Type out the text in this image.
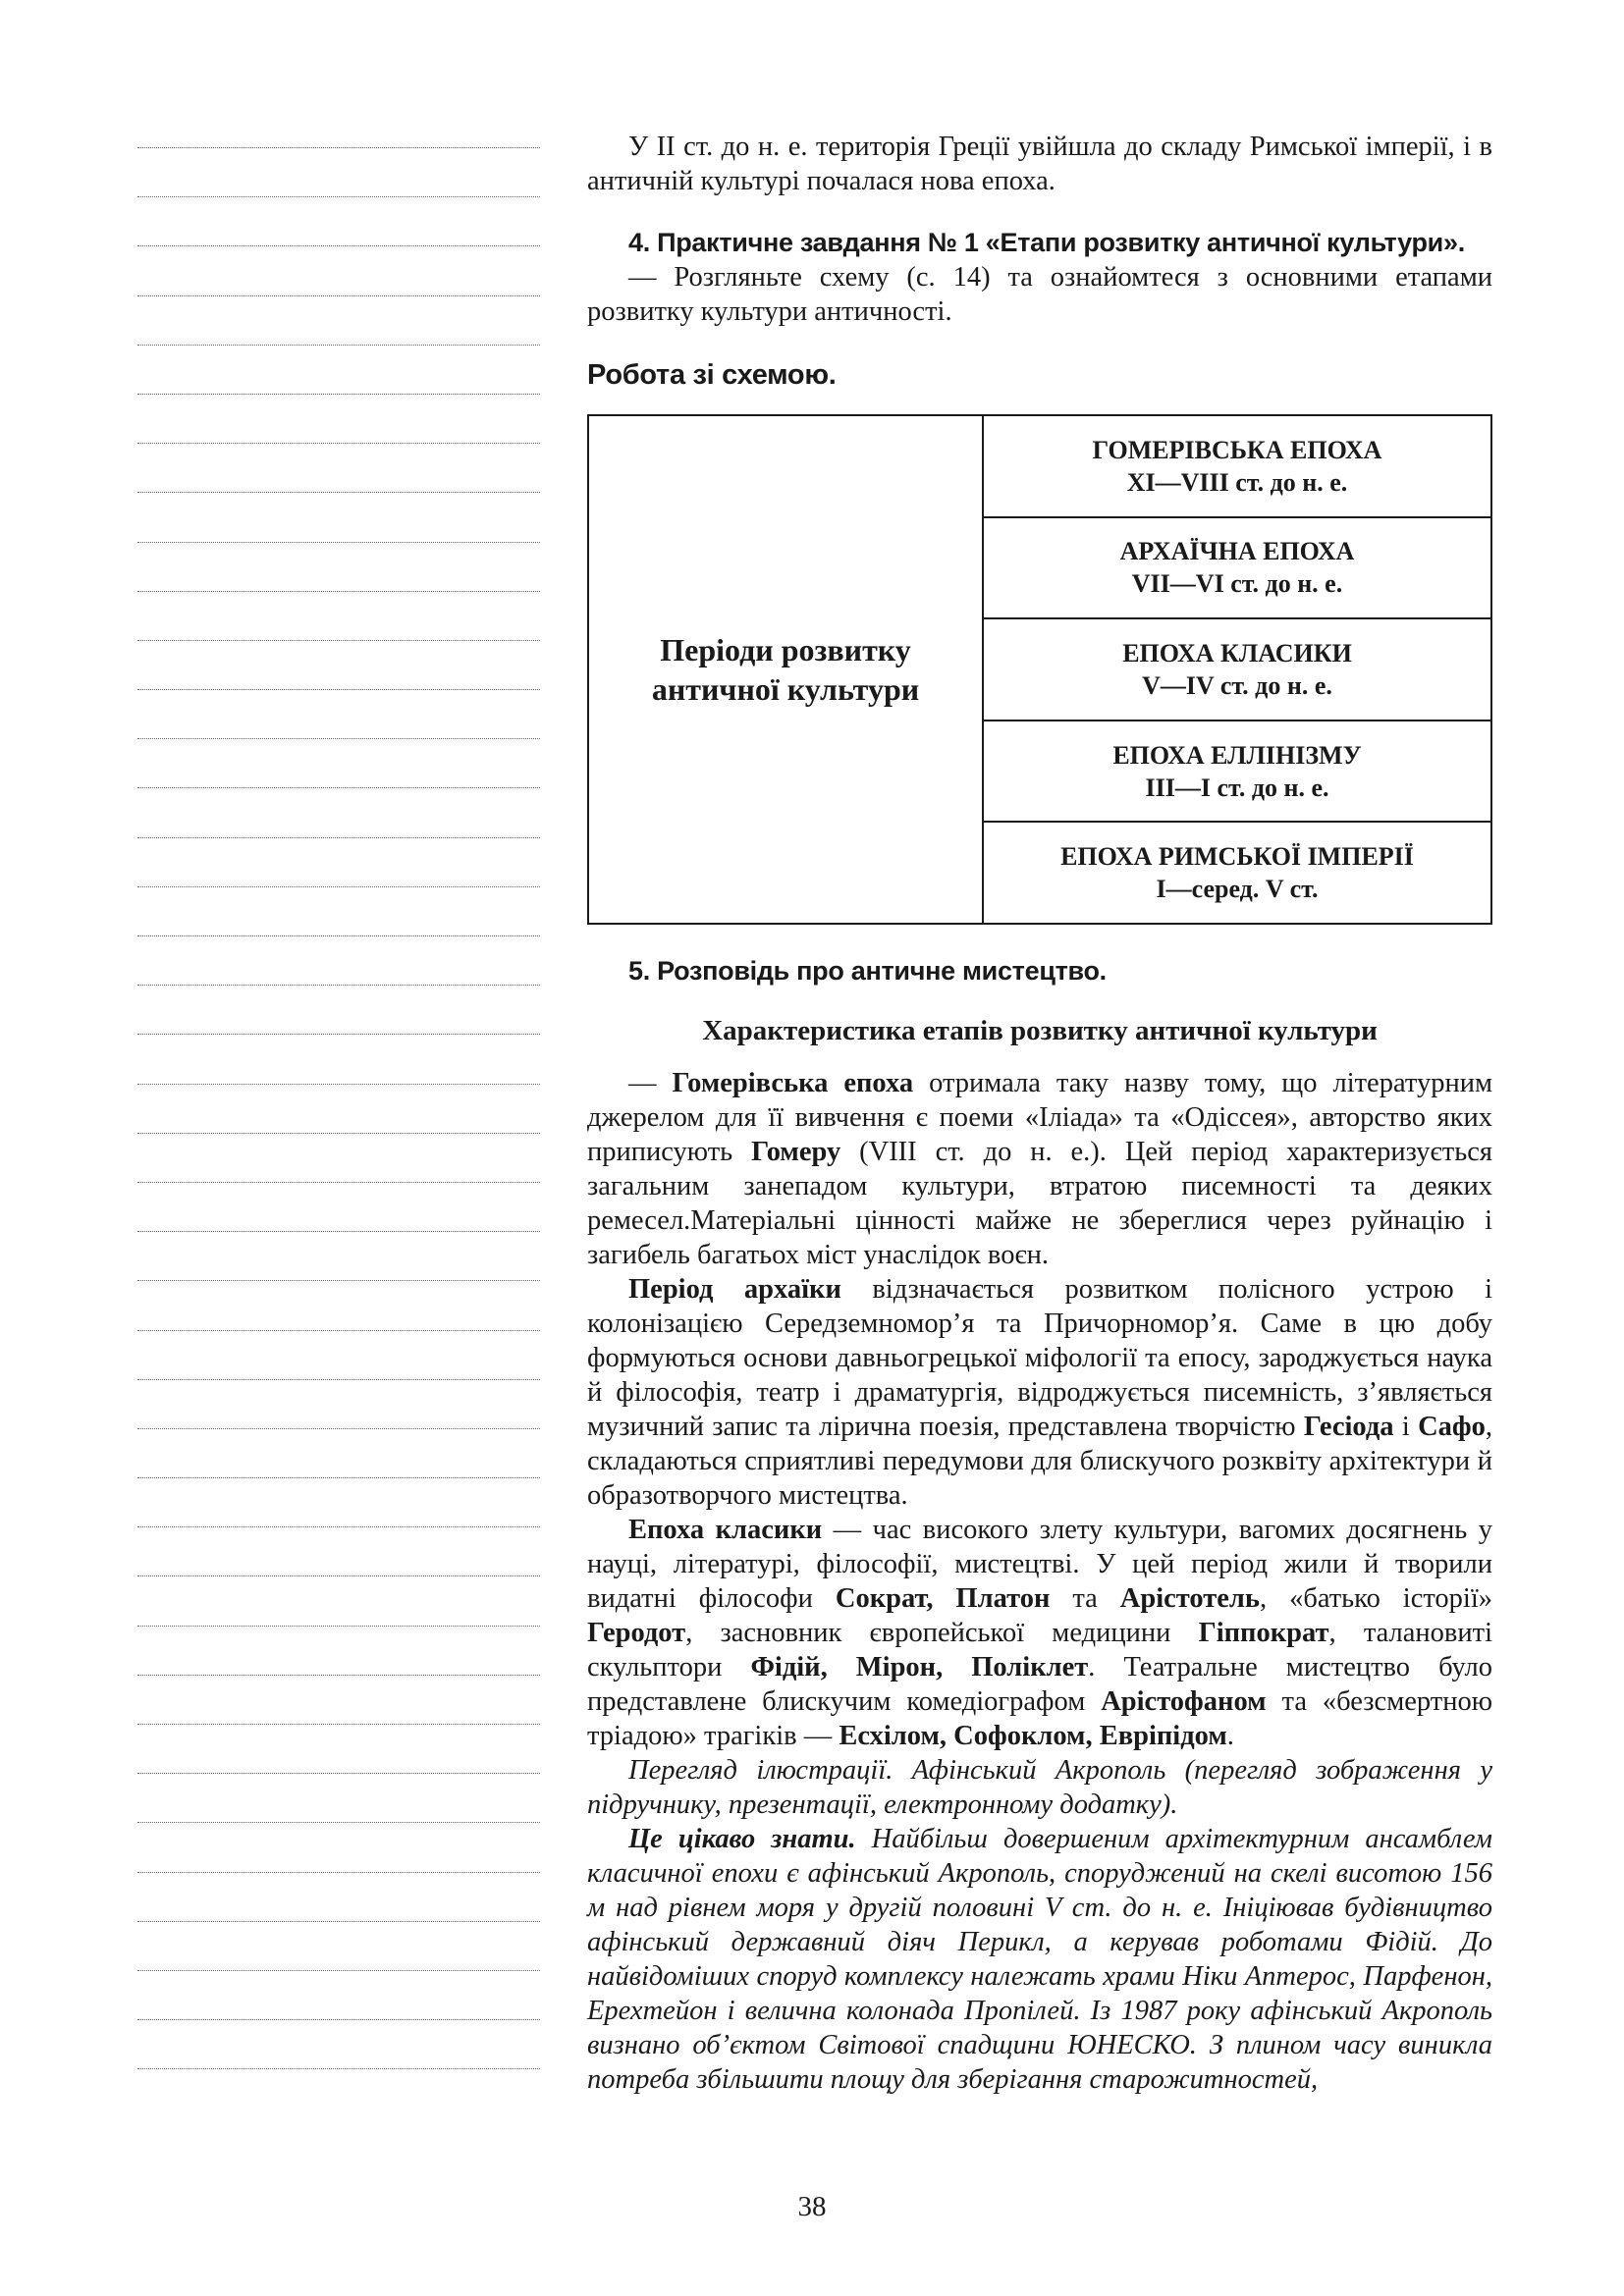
У ІІ ст. до н. е. територія Греції увійшла до складу Римської імперії, і в античній культурі почалася нова епоха.

4. Практичне завдання № 1 «Етапи розвитку античної культури».

— Розгляньте схему (с. 14) та ознайомтеся з основними етапами розвитку культури античності.

Робота зі схемою.

Періоди розвитку
античної культури
ГОМЕРІВСЬКА ЕПОХА
ХІ—VІІІ ст. до н. е.
АРХАЇЧНА ЕПОХА
VII—VI ст. до н. е.
ЕПОХА КЛАСИКИ
V—IV ст. до н. е.
ЕПОХА ЕЛЛІНІЗМУ
ІІІ—І ст. до н. е.
ЕПОХА РИМСЬКОЇ ІМПЕРІЇ
І—серед. V ст.

5. Розповідь про античне мистецтво.

Характеристика етапів розвитку античної культури

— Гомерівська епоха отримала таку назву тому, що літературним джерелом для її вивчення є поеми «Іліада» та «Одіссея», авторство яких приписують Гомеру (VIII ст. до н. е.). Цей період характеризується загальним занепадом культури, втратою писемності та деяких ремесел.Матеріальні цінності майже не збереглися через руйнацію і загибель багатьох міст унаслідок воєн.

Період архаїки відзначається розвитком полісного устрою і колонізацією Середземномор’я та Причорномор’я. Саме в цю добу формуються основи давньогрецької міфології та епосу, зароджується наука й філософія, театр і драматургія, відроджується писемність, з’являється музичний запис та лірична поезія, представлена творчістю Гесіода і Сафо, складаються сприятливі передумови для блискучого розквіту архітектури й образотворчого мистецтва.

Епоха класики — час високого злету культури, вагомих досягнень у науці, літературі, філософії, мистецтві. У цей період жили й творили видатні філософи Сократ, Платон та Арістотель, «батько історії» Геродот, засновник європейської медицини Гіппократ, талановиті скульптори Фідій, Мірон, Поліклет. Театральне мистецтво було представлене блискучим комедіографом Арістофаном та «безсмертною тріадою» трагіків — Есхілом, Софоклом, Евріпідом.

Перегляд ілюстрації. Афінський Акрополь (перегляд зображення у підручнику, презентації, електронному додатку).

Це цікаво знати. Найбільш довершеним архітектурним ансамблем класичної епохи є афінський Акрополь, споруджений на скелі висотою 156 м над рівнем моря у другій половині V ст. до н. е. Ініціював будівництво афінський державний діяч Перикл, а керував роботами Фідій. До найвідоміших споруд комплексу належать храми Ніки Аптерос, Парфенон, Ерехтейон і велична колонада Пропілей. Із 1987 року афінський Акрополь визнано об’єктом Світової спадщини ЮНЕСКО. З плином часу виникла потреба збільшити площу для зберігання старожитностей,

38
